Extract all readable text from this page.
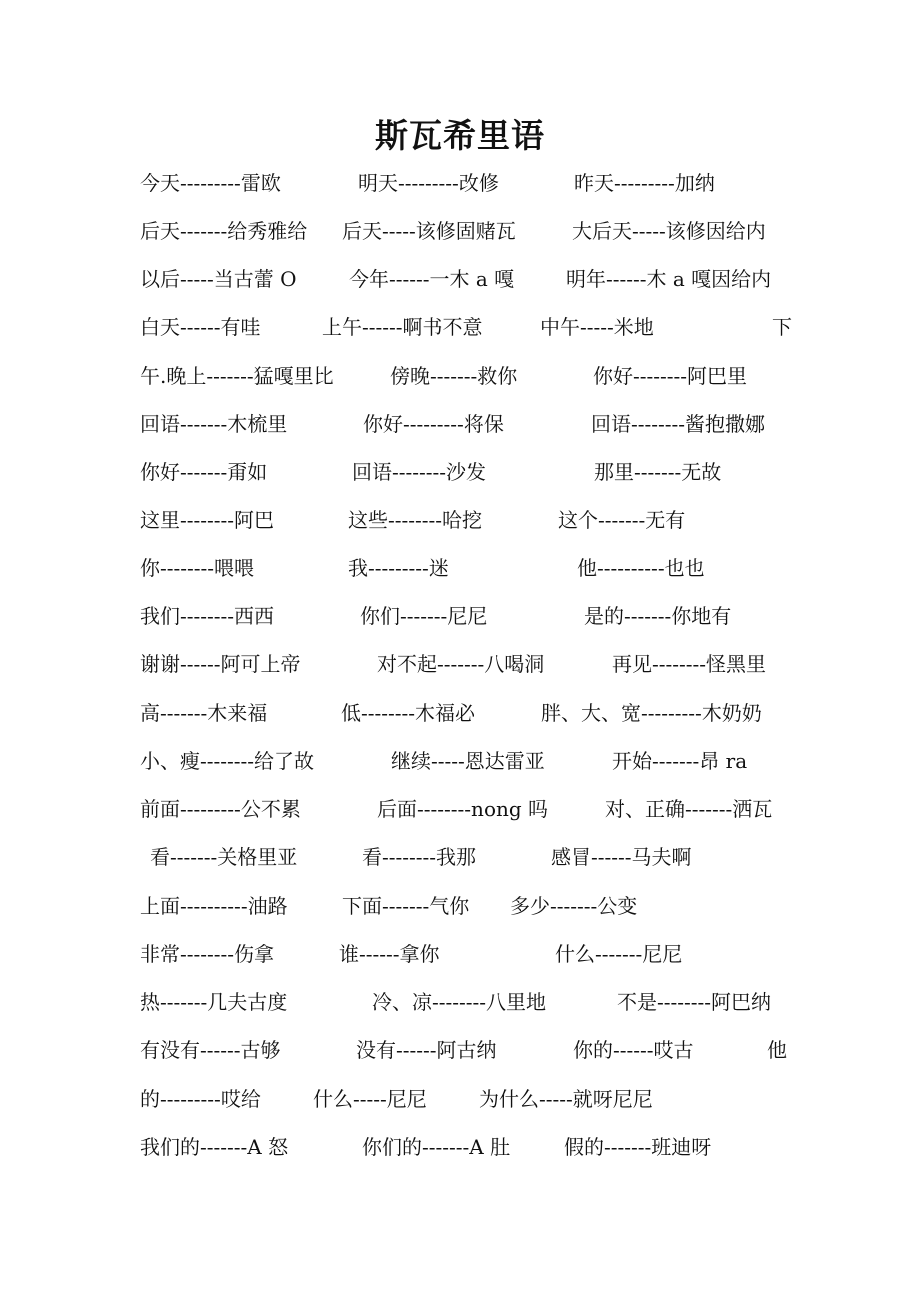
斯瓦希里语
今天---------雷欧	明天---------改修	昨天---------加纳
后天-------给秀雅给 后天-----该修固赌瓦	大后天-----该修因给内
以后-----当古蕾 O	今年------一木 a 嘎	明年------木 a 嘎因给内
白天------有哇	上午------啊书不意	中午-----米地	下
午.晚上-------猛嘎里比	傍晚-------救你	你好--------阿巴里
回语-------木梳里	你好---------将保	回语--------酱抱撒娜
你好-------甭如	回语--------沙发	那里-------无故
这里--------阿巴	这些--------哈挖	这个-------无有
你--------喂喂	我---------迷	他----------也也
我们--------西西	你们-------尼尼	是的-------你地有
谢谢------阿可上帝	对不起-------八喝洞	再见--------怪黑里
高-------木来福	低--------木福必	胖、大、宽---------木奶奶
小、瘦--------给了故	继续-----恩达雷亚	开始-------昂 ra
前面---------公不累	后面--------nong 吗	对、正确-------洒瓦
看-------关格里亚	看--------我那	感冒------马夫啊
上面----------油路	下面-------气你 多少-------公变
非常--------伤拿	谁------拿你	什么-------尼尼
热-------几夫古度	冷、凉--------八里地	不是--------阿巴纳
有没有------古够	没有------阿古纳	你的------哎古	他
的---------哎给	什么-----尼尼	为什么-----就呀尼尼
我们的-------A 怒	你们的-------A 肚	假的-------班迪呀
